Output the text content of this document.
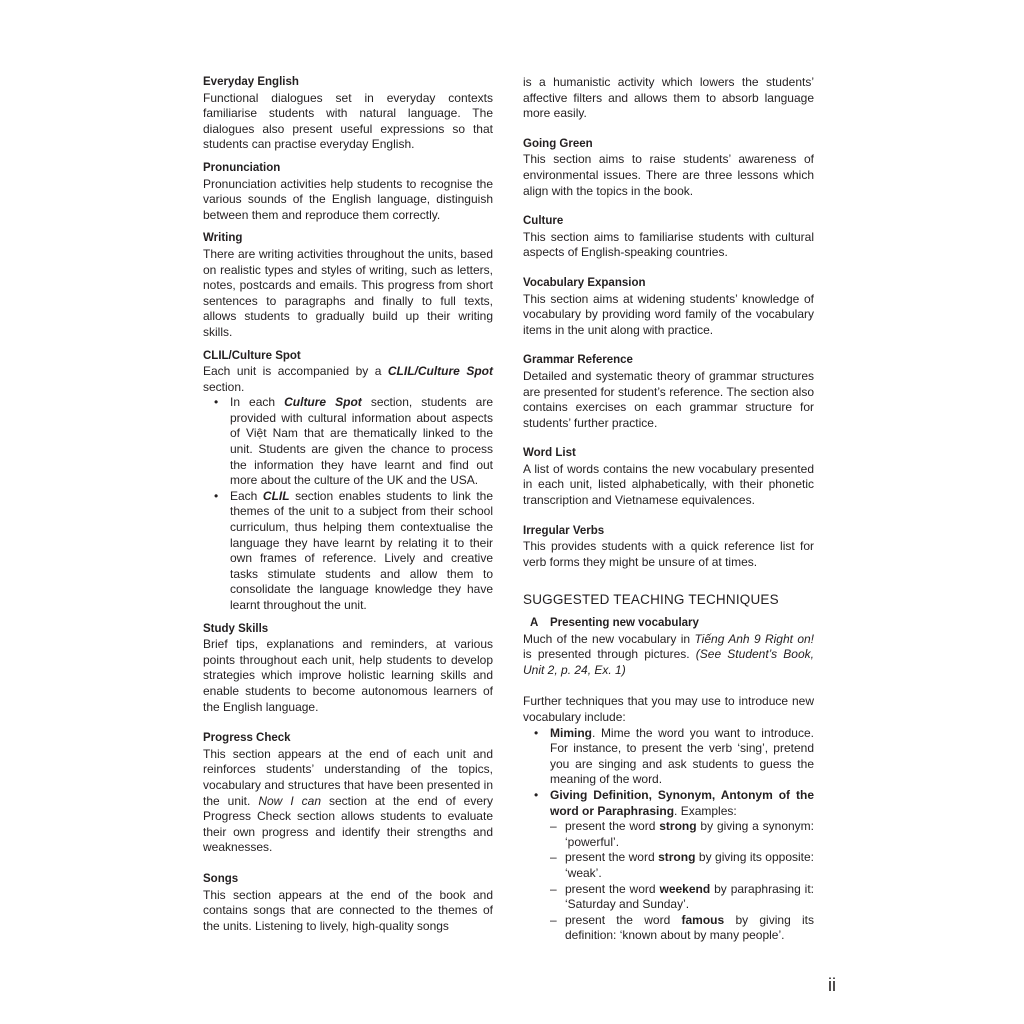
Everyday English

Functional dialogues set in everyday contexts familiarise students with natural language. The dialogues also present useful expressions so that students can practise everyday English.

Pronunciation

Pronunciation activities help students to recognise the various sounds of the English language, distinguish between them and reproduce them correctly.

Writing

There are writing activities throughout the units, based on realistic types and styles of writing, such as letters, notes, postcards and emails. This progress from short sentences to paragraphs and finally to full texts, allows students to gradually build up their writing skills.

CLIL/Culture Spot

Each unit is accompanied by a CLIL/Culture Spot section.

• In each Culture Spot section, students are provided with cultural information about aspects of Việt Nam that are thematically linked to the unit. Students are given the chance to process the information they have learnt and find out more about the culture of the UK and the USA.
• Each CLIL section enables students to link the themes of the unit to a subject from their school curriculum, thus helping them contextualise the language they have learnt by relating it to their own frames of reference. Lively and creative tasks stimulate students and allow them to consolidate the language knowledge they have learnt throughout the unit.

Study Skills

Brief tips, explanations and reminders, at various points throughout each unit, help students to develop strategies which improve holistic learning skills and enable students to become autonomous learners of the English language.

Progress Check

This section appears at the end of each unit and reinforces students’ understanding of the topics, vocabulary and structures that have been presented in the unit. Now I can section at the end of every Progress Check section allows students to evaluate their own progress and identify their strengths and weaknesses.

Songs

This section appears at the end of the book and contains songs that are connected to the themes of the units. Listening to lively, high-quality songs

is a humanistic activity which lowers the students’ affective filters and allows them to absorb language more easily.

Going Green

This section aims to raise students’ awareness of environmental issues. There are three lessons which align with the topics in the book.

Culture

This section aims to familiarise students with cultural aspects of English-speaking countries.

Vocabulary Expansion

This section aims at widening students’ knowledge of vocabulary by providing word family of the vocabulary items in the unit along with practice.

Grammar Reference

Detailed and systematic theory of grammar structures are presented for student’s reference. The section also contains exercises on each grammar structure for students’ further practice.

Word List

A list of words contains the new vocabulary presented in each unit, listed alphabetically, with their phonetic transcription and Vietnamese equivalences.

Irregular Verbs

This provides students with a quick reference list for verb forms they might be unsure of at times.

SUGGESTED TEACHING TECHNIQUES

A Presenting new vocabulary

Much of the new vocabulary in Tiếng Anh 9 Right on! is presented through pictures. (See Student’s Book, Unit 2, p. 24, Ex. 1)

Further techniques that you may use to introduce new vocabulary include:

• Miming. Mime the word you want to introduce. For instance, to present the verb ‘sing’, pretend you are singing and ask students to guess the meaning of the word.
• Giving Definition, Synonym, Antonym of the word or Paraphrasing. Examples:
– present the word strong by giving a synonym: ‘powerful’.
– present the word strong by giving its opposite: ‘weak’.
– present the word weekend by paraphrasing it: ‘Saturday and Sunday’.
– present the word famous by giving its definition: ‘known about by many people’.
ii
